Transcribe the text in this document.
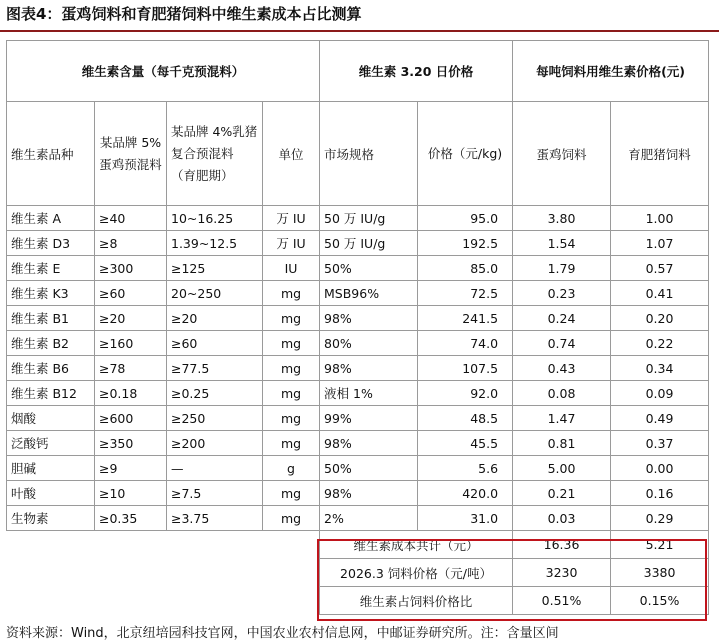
图表4：蛋鸡饲料和育肥猪饲料中维生素成本占比测算
维生素含量（每千克预混料）				维生素 3.20 日价格		每吨饲料用维生素价格(元)	
维生素品种	某品牌 5% 蛋鸡预混料	某品牌 4%乳猪复合预混料（育肥期）	单位	市场规格	价格（元/kg)	蛋鸡饲料	育肥猪饲料
维生素 A	≥40	10~16.25	万 IU	50 万 IU/g	95.0	3.80	1.00
维生素 D3	≥8	1.39~12.5	万 IU	50 万 IU/g	192.5	1.54	1.07
维生素 E	≥300	≥125	IU	50%	85.0	1.79	0.57
维生素 K3	≥60	20~250	mg	MSB96%	72.5	0.23	0.41
维生素 B1	≥20	≥20	mg	98%	241.5	0.24	0.20
维生素 B2	≥160	≥60	mg	80%	74.0	0.74	0.22
维生素 B6	≥78	≥77.5	mg	98%	107.5	0.43	0.34
维生素 B12	≥0.18	≥0.25	mg	液相 1%	92.0	0.08	0.09
烟酸	≥600	≥250	mg	99%	48.5	1.47	0.49
泛酸钙	≥350	≥200	mg	98%	45.5	0.81	0.37
胆碱	≥9	—	g	50%	5.6	5.00	0.00
叶酸	≥10	≥7.5	mg	98%	420.0	0.21	0.16
生物素	≥0.35	≥3.75	mg	2%	31.0	0.03	0.29
				维生素成本共计（元）		16.36	5.21
				2026.3 饲料价格（元/吨）		3230	3380
				维生素占饲料价格比		0.51%	0.15%
资料来源：Wind，北京纽培园科技官网，中国农业农村信息网，中邮证券研究所。注：含量区间
